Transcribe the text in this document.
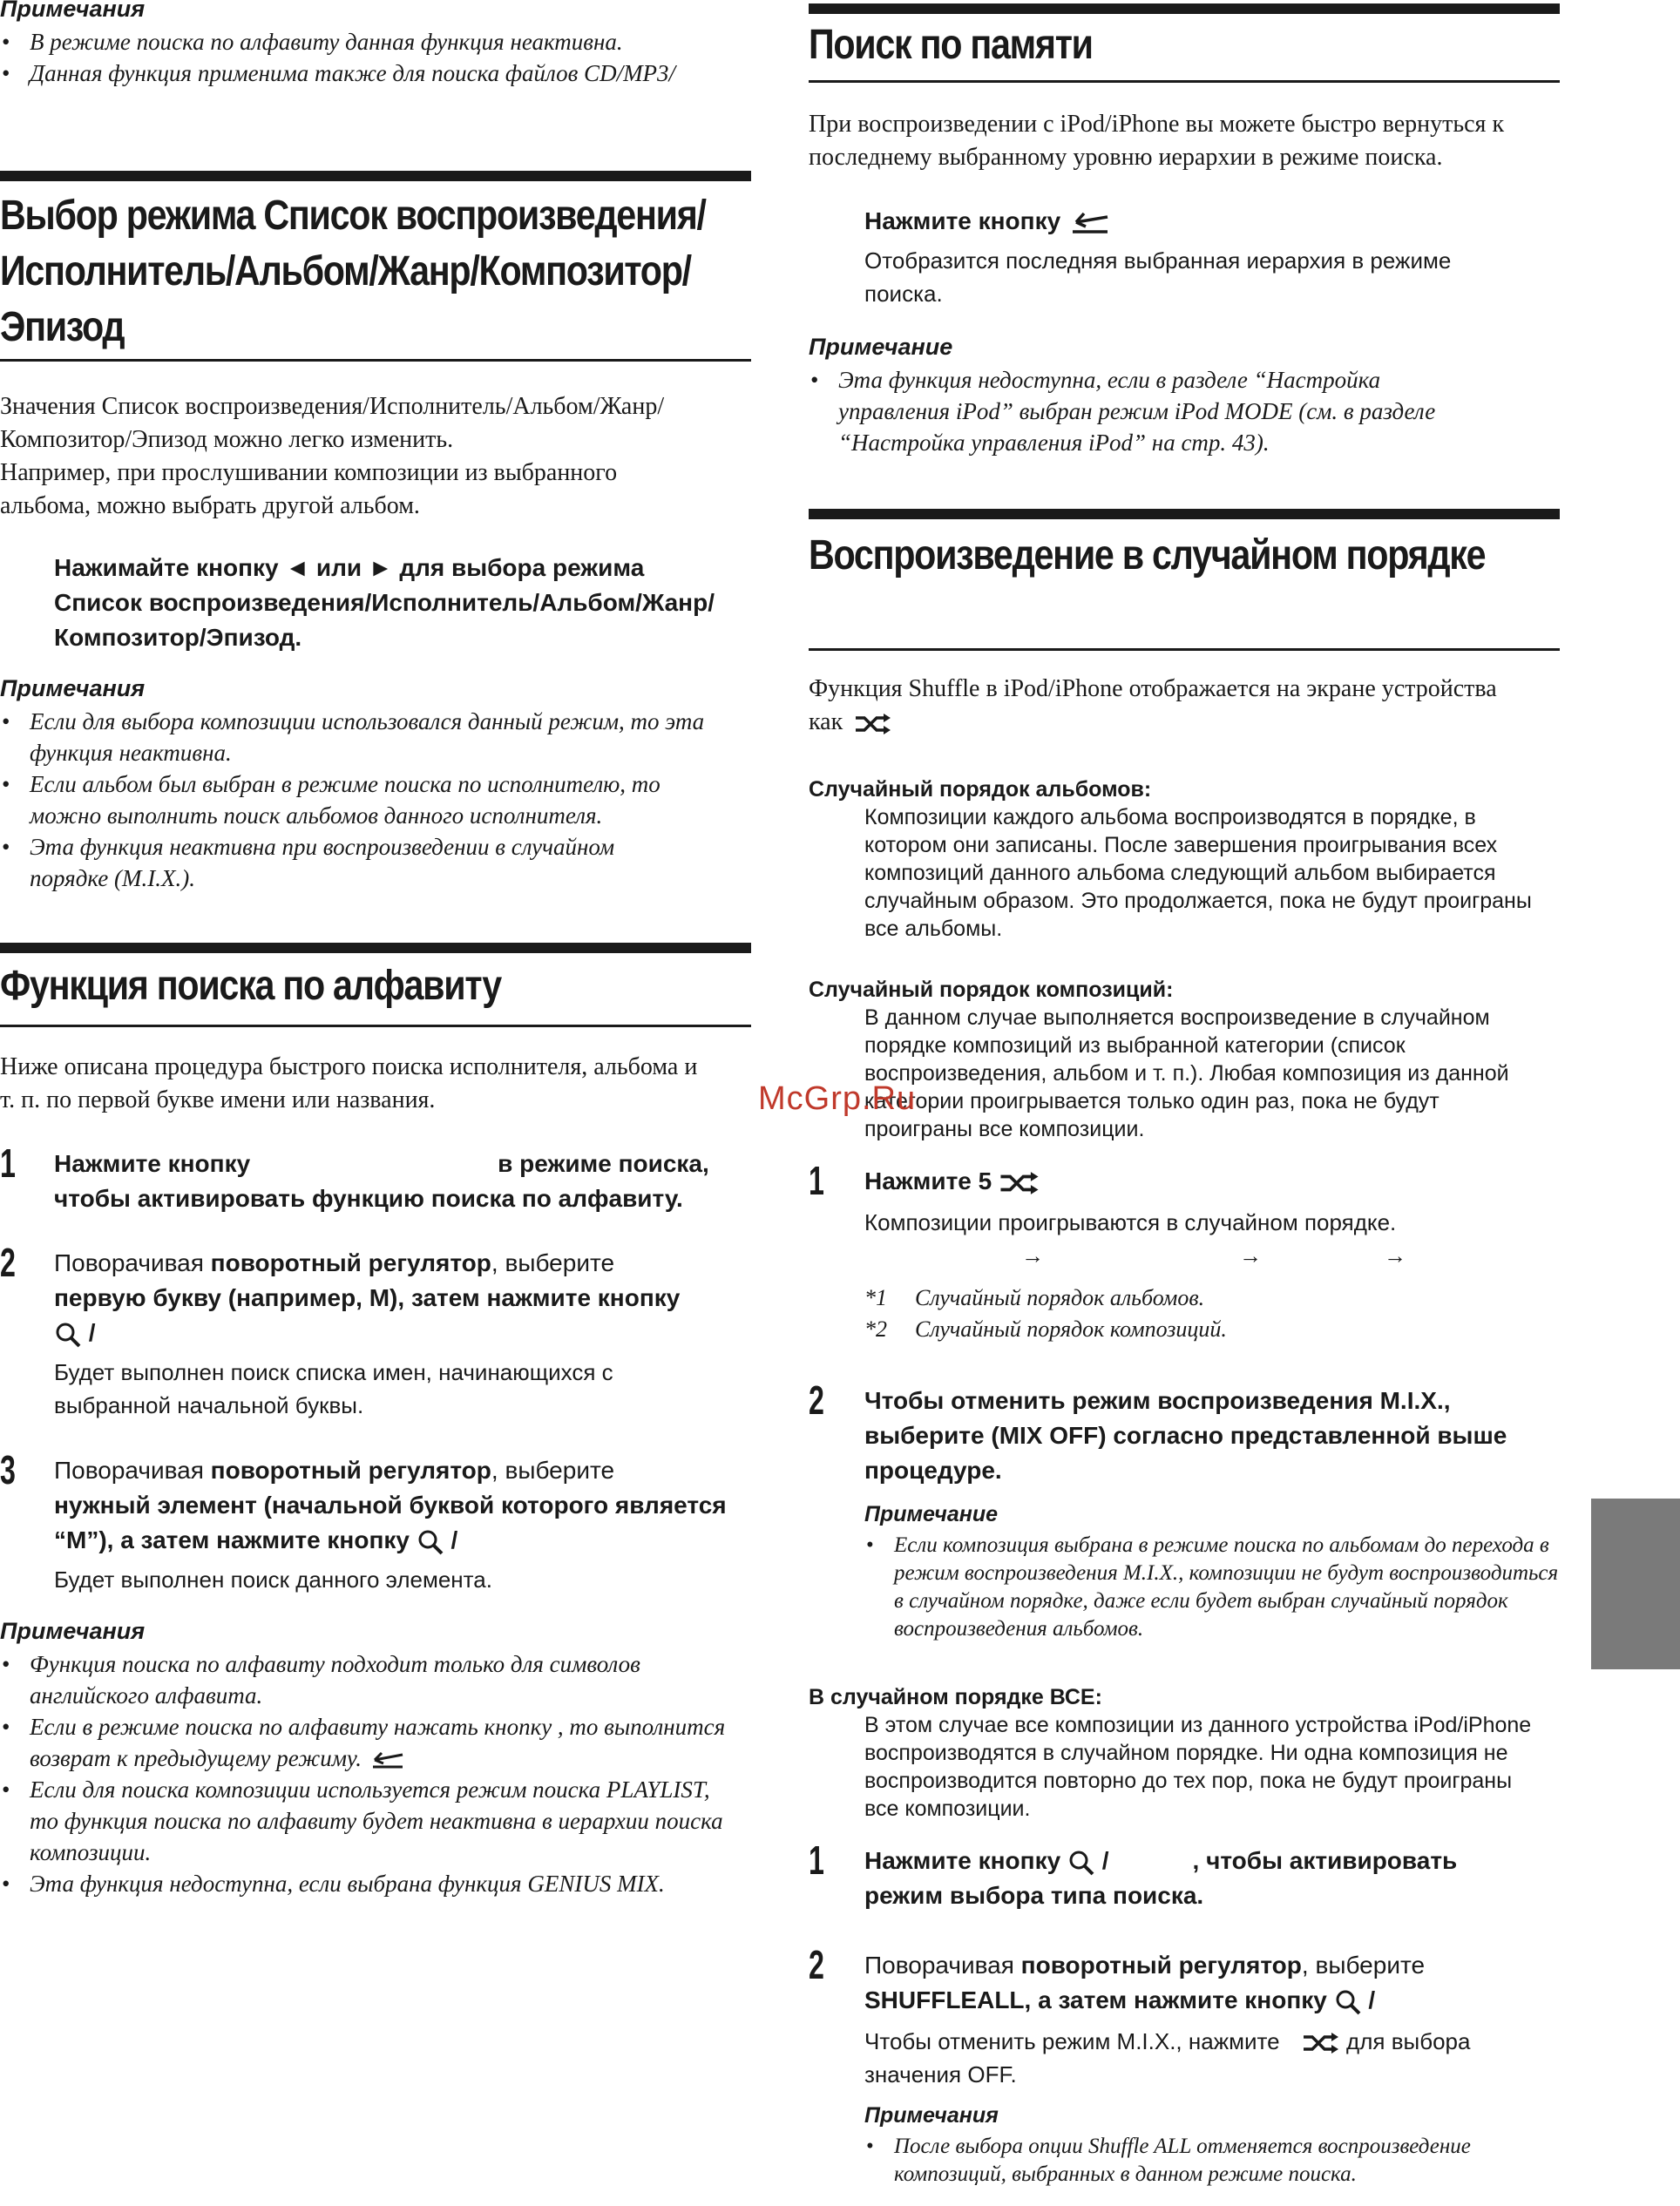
Примечания
• В режиме поиска по алфавиту данная функция неактивна.
• Данная функция применима также для поиска файлов CD/MP3/
Выбор режима Список воспроизведения/
Исполнитель/Альбом/Жанр/Композитор/
Эпизод

Значения Список воспроизведения/Исполнитель/Альбом/Жанр/

Композитор/Эпизод можно легко изменить.

Например, при прослушивании композиции из выбранного

альбома, можно выбрать другой альбом.

Нажимайте кнопку ◄ или ► для выбора режима

Список воспроизведения/Исполнитель/Альбом/Жанр/

Композитор/Эпизод.

Примечания
• Если для выбора композиции использовался данный режим, то эта функция неактивна.
• Если альбом был выбран в режиме поиска по исполнителю, то можно выполнить поиск альбомов данного исполнителя.
• Эта функция неактивна при воспроизведении в случайном порядке (M.I.X.).
Функция поиска по алфавиту

Ниже описана процедура быстрого поиска исполнителя, альбома и

т. п. по первой букве имени или названия.

1 Нажмите кнопку	в режиме поиска,

чтобы активировать функцию поиска по алфавиту.

2 Поворачивая поворотный регулятор, выберите

первую букву (например, M), затем нажмите кнопку

/

Будет выполнен поиск списка имен, начинающихся с

выбранной начальной буквы.

3 Поворачивая поворотный регулятор, выберите

нужный элемент (начальной буквой которого является

“M”), а затем нажмите кнопку /

Будет выполнен поиск данного элемента.

Примечания
• Функция поиска по алфавиту подходит только для символов английского алфавита.
• Если в режиме поиска по алфавиту нажать кнопку , то выполнится возврат к предыдущему режиму.
• Если для поиска композиции используется режим поиска PLAYLIST, то функция поиска по алфавиту будет неактивна в иерархии поиска композиции.
• Эта функция недоступна, если выбрана функция GENIUS MIX.
Поиск по памяти

При воспроизведении с iPod/iPhone вы можете быстро вернуться к

последнему выбранному уровню иерархии в режиме поиска.

Нажмите кнопку

Отобразится последняя выбранная иерархия в режиме

поиска.

Примечание
• Эта функция недоступна, если в разделе “Настройка управления iPod” выбран режим iPod MODE (см. в разделе “Настройка управления iPod” на стр. 43).
Воспроизведение в случайном порядке

Функция Shuffle в iPod/iPhone отображается на экране устройства

как

Случайный порядок альбомов:

Композиции каждого альбома воспроизводятся в порядке, в

котором они записаны. После завершения проигрывания всех

композиций данного альбома следующий альбом выбирается

случайным образом. Это продолжается, пока не будут проиграны

все альбомы.

Случайный порядок композиций:

В данном случае выполняется воспроизведение в случайном

порядке композиций из выбранной категории (список

воспроизведения, альбом и т. п.). Любая композиция из данной

категории проигрывается только один раз, пока не будут

проиграны все композиции.

1 Нажмите 5

Композиции проигрываются в случайном порядке.

→	→	→

*1 Случайный порядок альбомов.

*2 Случайный порядок композиций.

2 Чтобы отменить режим воспроизведения M.I.X.,

выберите (MIX OFF) согласно представленной выше

процедуре.

Примечание
• Если композиция выбрана в режиме поиска по альбомам до перехода в режим воспроизведения M.I.X., композиции не будут воспроизводиться в случайном порядке, даже если будет выбран случайный порядок воспроизведения альбомов.

В случайном порядке ВСЕ:

В этом случае все композиции из данного устройства iPod/iPhone

воспроизводятся в случайном порядке. Ни одна композиция не

воспроизводится повторно до тех пор, пока не будут проиграны

все композиции.

1 Нажмите кнопку /	, чтобы активировать

режим выбора типа поиска.

2 Поворачивая поворотный регулятор, выберите

SHUFFLEALL, а затем нажмите кнопку /

Чтобы отменить режим M.I.X., нажмите	для выбора

значения OFF.

Примечания
• После выбора опции Shuffle ALL отменяется воспроизведение композиций, выбранных в данном режиме поиска.
McGrp.Ru
